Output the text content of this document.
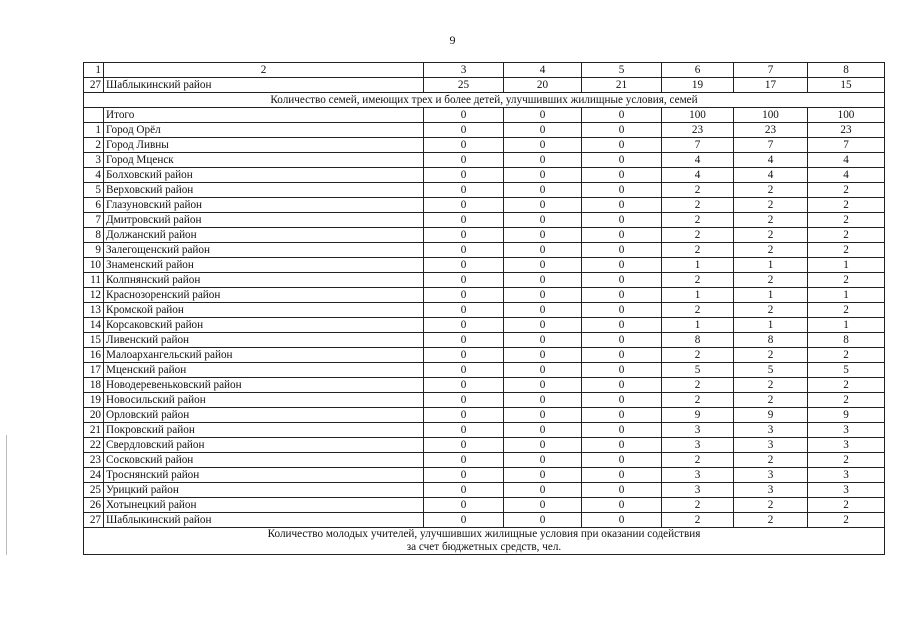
9
1	2	3	4	5	6	7	8
27	Шаблыкинский район	25	20	21	19	17	15
Количество семей, имеющих трех и более детей, улучшивших жилищные условия, семей							
	Итого	0	0	0	100	100	100
1	Город Орёл	0	0	0	23	23	23
2	Город Ливны	0	0	0	7	7	7
3	Город Мценск	0	0	0	4	4	4
4	Болховский район	0	0	0	4	4	4
5	Верховский район	0	0	0	2	2	2
6	Глазуновский район	0	0	0	2	2	2
7	Дмитровский район	0	0	0	2	2	2
8	Должанский район	0	0	0	2	2	2
9	Залегощенский район	0	0	0	2	2	2
10	Знаменский район	0	0	0	1	1	1
11	Колпнянский район	0	0	0	2	2	2
12	Краснозоренский район	0	0	0	1	1	1
13	Кромской район	0	0	0	2	2	2
14	Корсаковский район	0	0	0	1	1	1
15	Ливенский район	0	0	0	8	8	8
16	Малоархангельский район	0	0	0	2	2	2
17	Мценский район	0	0	0	5	5	5
18	Новодеревеньковский район	0	0	0	2	2	2
19	Новосильский район	0	0	0	2	2	2
20	Орловский район	0	0	0	9	9	9
21	Покровский район	0	0	0	3	3	3
22	Свердловский район	0	0	0	3	3	3
23	Сосковский район	0	0	0	2	2	2
24	Троснянский район	0	0	0	3	3	3
25	Урицкий район	0	0	0	3	3	3
26	Хотынецкий район	0	0	0	2	2	2
27	Шаблыкинский район	0	0	0	2	2	2
Количество молодых учителей, улучшивших жилищные условия при оказании содействия
за счет бюджетных средств, чел.							
